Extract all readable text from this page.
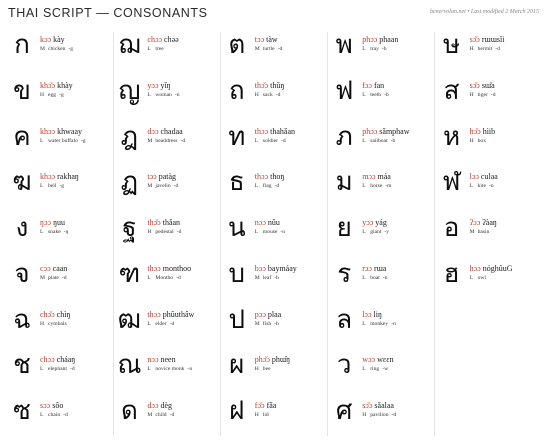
THAI SCRIPT — CONSONANTS	benervolan.net • Last modified 2 March 2015
ก	kɔɔ kày
M chicken -g
ข	khɔ̌ɔ khày
H egg -g
ค	khɔɔ khwaay
L water buffalo -g
ฆ	khɔɔ rakhaŋ
L bell -g
ง	ŋɔɔ ŋuu
L snake -ŋ
จ	cɔɔ caan
M plate -d
ฉ	chɔ̌ɔ chìŋ
H cymbals
ช	chɔɔ cháaŋ
L elephant -d
ซ	sɔɔ sôo
L chain -d
ฌ chɔɔ chəə
L tree
ญ yɔɔ yǐŋ
L woman -n
ฎ	dɔɔ chadaa
M headdress -d
ฏ	tɔɔ patàg
M javelin -d
ฐ	thɔ̌ɔ thǎan
H pedestal -d
ฑ thɔɔ monthoo
L Montho -d
ฒ thɔɔ phûuthâw
L elder -d
ณ nɔɔ neen
L novice monk -n
ด	dɔɔ dèg
M child -d
ต	tɔɔ tàw
M turtle -d
ถ	thɔ̌ɔ thǔŋ
H sack -d
ท	thɔɔ thahǎan
L soldier -d
ธ	thɔɔ thoŋ
L flag -d
น	nɔɔ nǔu
L mouse -n
บ	bɔɔ baymáay
M leaf -b
ป	pɔɔ plaa
M fish -b
ผ	phɔ̌ɔ phɯ̂ŋ
H bee
ฝ	fɔ̌ɔ fǎa
H lid
พ	phɔɔ phaan
L tray -b
ฟ	fɔɔ fan
L teeth -b
ภ	phɔɔ sǎmphaw
L sailboat -b
ม	mɔɔ máa
L horse -m
ย	yɔɔ yág
L giant -y
ร	rɔɔ rɯa
L boat -n
ล	lɔɔ liŋ
L monkey -n
ว	wɔɔ wɛɛn
L ring -w
ศ	sɔ̌ɔ sǎalaa
H pavilion -d
ษ	sɔ̌ɔ rɯɯsǐi
H hermit -d
ส	sɔ̌ɔ sɯ̌a
H tiger -d
ห	hɔ̌ɔ hìib
H box
ฬ	lɔɔ culaa
L kite -n
อ	ʔɔɔ ʔàaŋ
M basin
ฮ	hɔɔ nóghûuG
L owl
